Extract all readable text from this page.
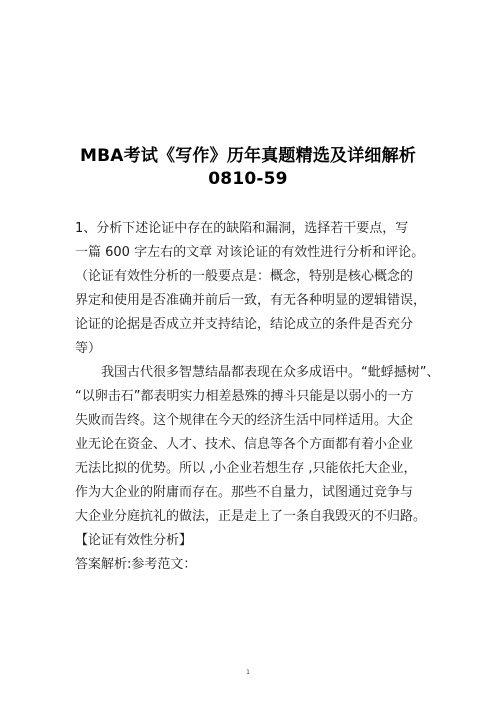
MBA考试《写作》历年真题精选及详细解析
0810-59
1、分析下述论证中存在的缺陷和漏洞，选择若干要点，写
一篇 600 字左右的文章 对该论证的有效性进行分析和评论。
（论证有效性分析的一般要点是：概念，特别是核心概念的
界定和使用是否准确并前后一致，有无各种明显的逻辑错误，
论证的论据是否成立并支持结论，结论成立的条件是否充分
等）
我国古代很多智慧结晶都表现在众多成语中。“蚍蜉撼树”、
“以卵击石”都表明实力相差悬殊的搏斗只能是以弱小的一方
失败而告终。这个规律在今天的经济生活中同样适用。大企
业无论在资金、人才、技术、信息等各个方面都有着小企业
无法比拟的优势。所以 ,小企业若想生存 ,只能依托大企业，
作为大企业的附庸而存在。那些不自量力，试图通过竞争与
大企业分庭抗礼的做法，正是走上了一条自我毁灭的不归路。
【论证有效性分析】
答案解析:参考范文：
1
